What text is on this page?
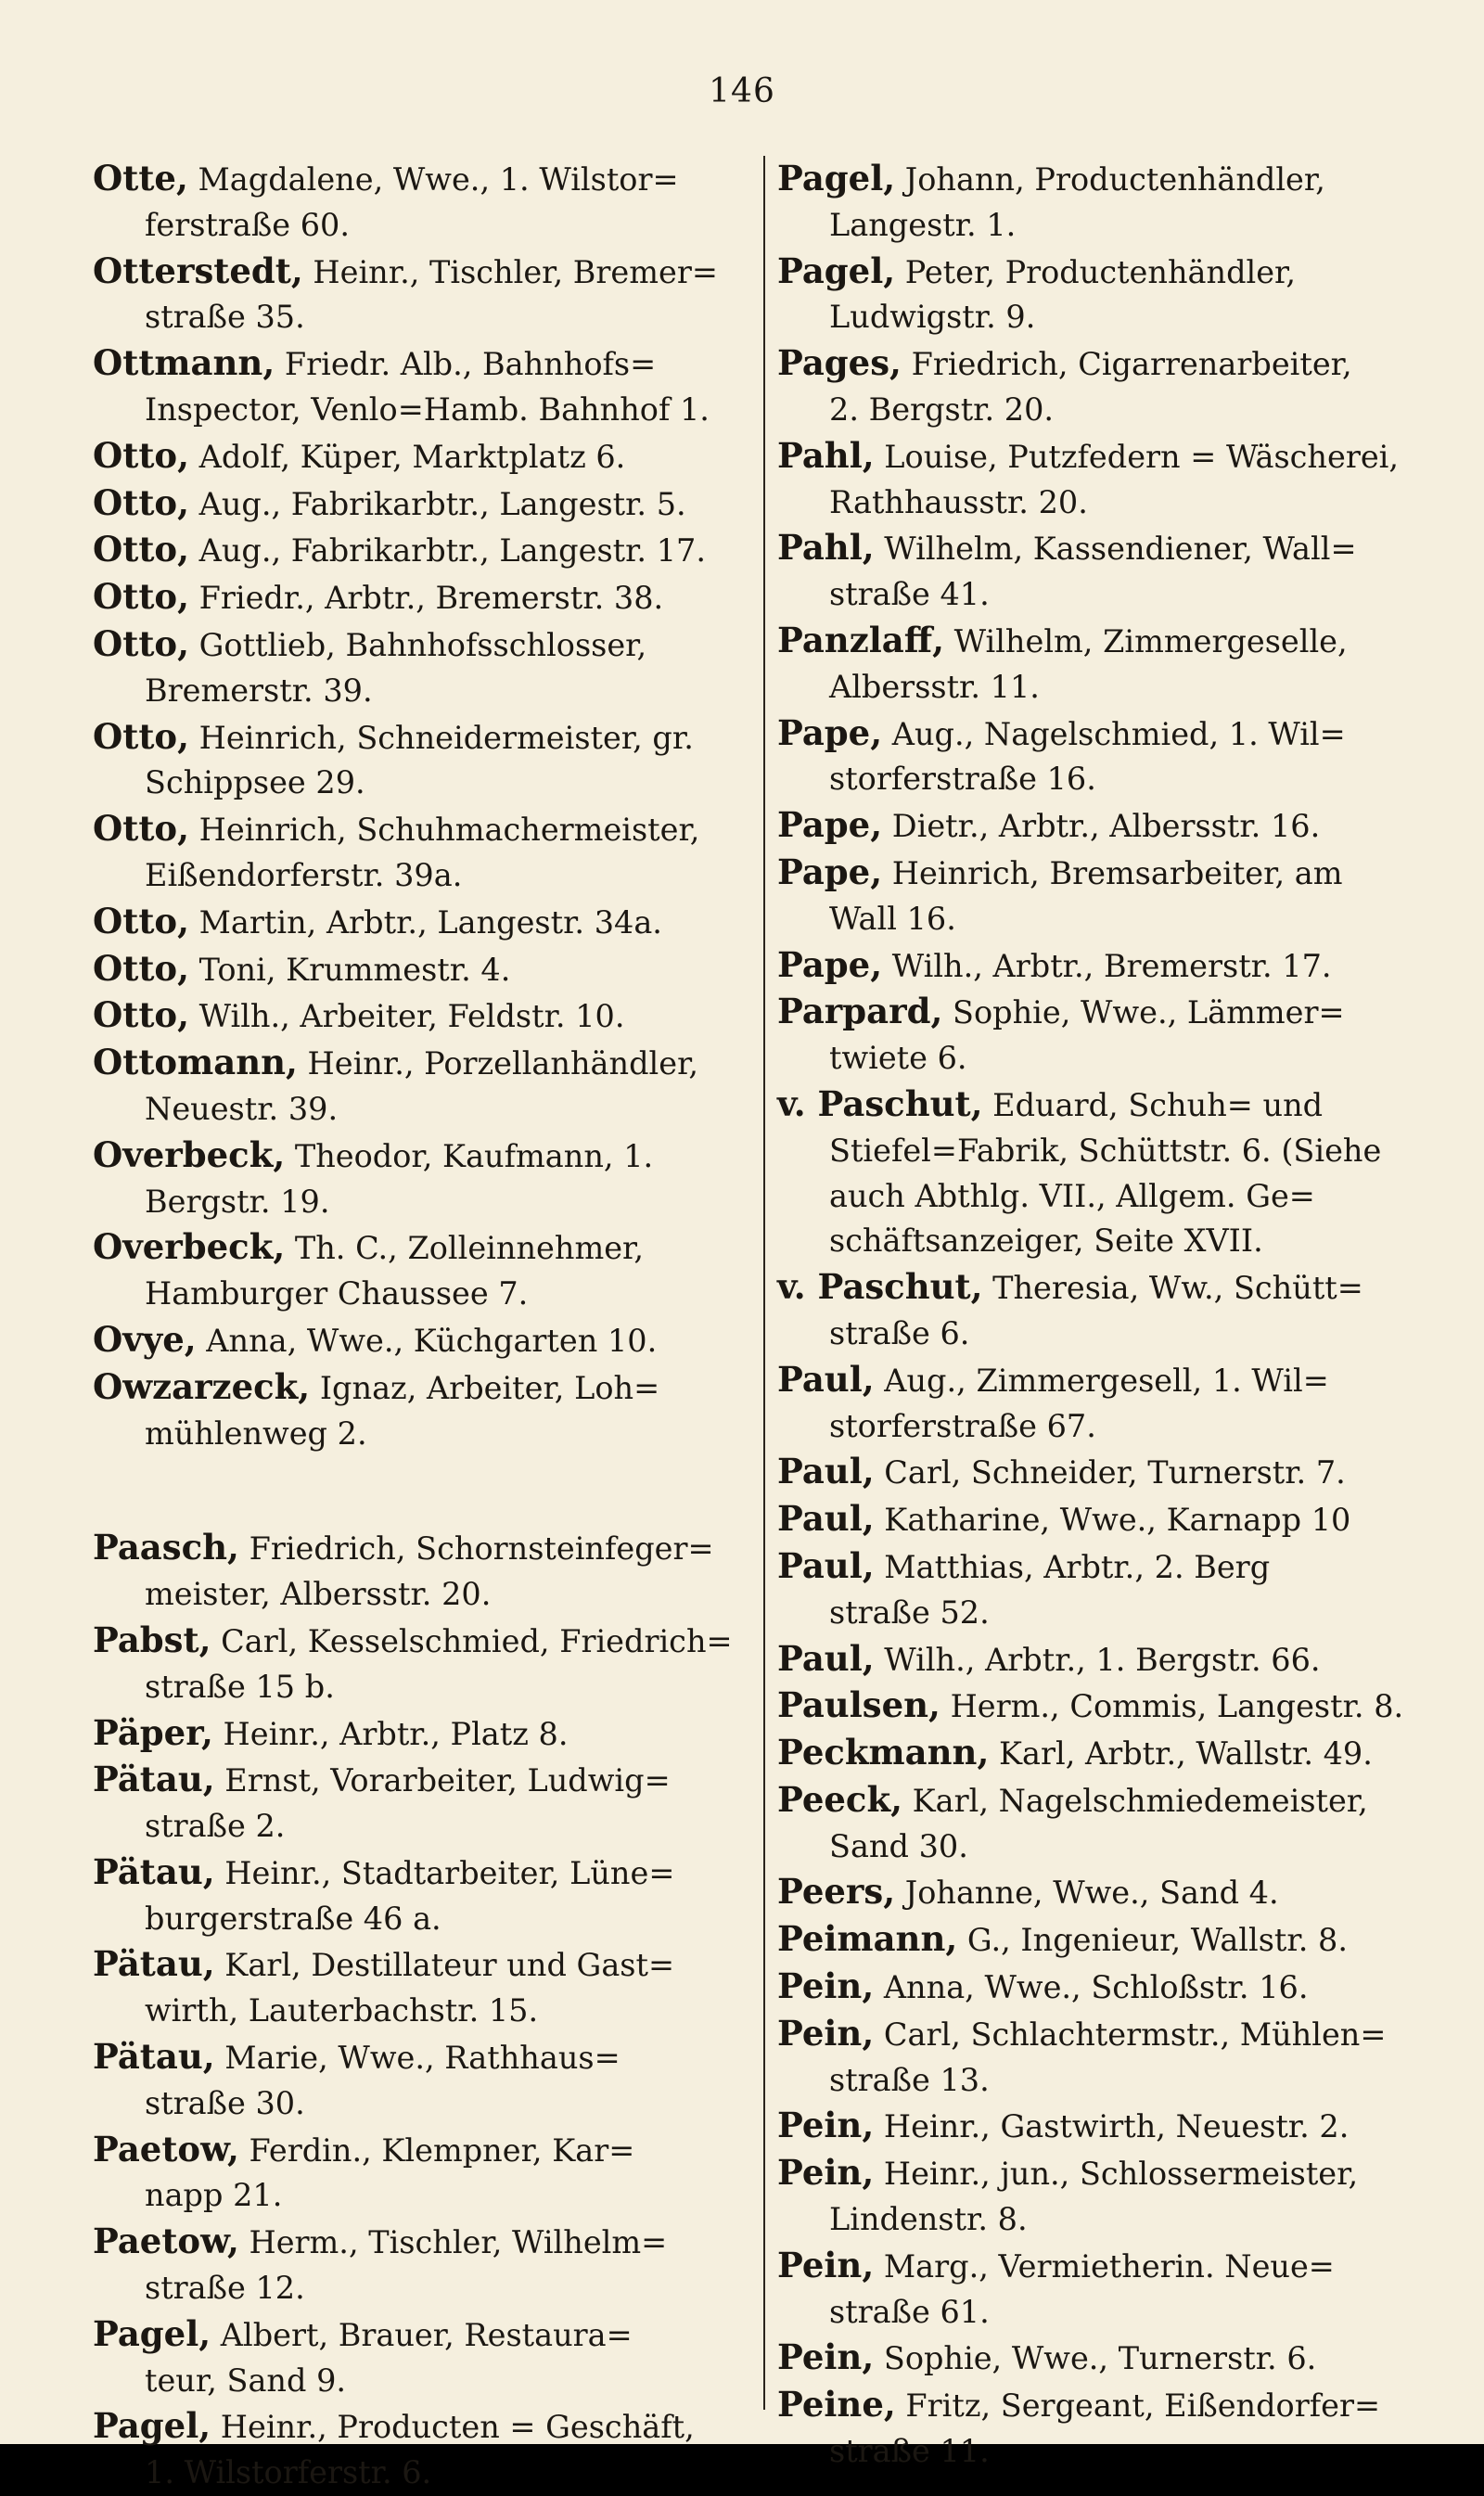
146
Otte, Magdalene, Wwe., 1. Wilstor=
ferstraße 60.
Otterstedt, Heinr., Tischler, Bremer=
straße 35.
Ottmann, Friedr. Alb., Bahnhofs=
Inspector, Venlo=Hamb. Bahnhof 1.
Otto, Adolf, Küper, Marktplatz 6.
Otto, Aug., Fabrikarbtr., Langestr. 5.
Otto, Aug., Fabrikarbtr., Langestr. 17.
Otto, Friedr., Arbtr., Bremerstr. 38.
Otto, Gottlieb, Bahnhofsschlosser,
Bremerstr. 39.
Otto, Heinrich, Schneidermeister, gr.
Schippsee 29.
Otto, Heinrich, Schuhmachermeister,
Eißendorferstr. 39a.
Otto, Martin, Arbtr., Langestr. 34a.
Otto, Toni, Krummestr. 4.
Otto, Wilh., Arbeiter, Feldstr. 10.
Ottomann, Heinr., Porzellanhändler,
Neuestr. 39.
Overbeck, Theodor, Kaufmann, 1.
Bergstr. 19.
Overbeck, Th. C., Zolleinnehmer,
Hamburger Chaussee 7.
Ovye, Anna, Wwe., Küchgarten 10.
Owzarzeck, Ignaz, Arbeiter, Loh=
mühlenweg 2.
Paasch, Friedrich, Schornsteinfeger=
meister, Albersstr. 20.
Pabst, Carl, Kesselschmied, Friedrich=
straße 15 b.
Päper, Heinr., Arbtr., Platz 8.
Pätau, Ernst, Vorarbeiter, Ludwig=
straße 2.
Pätau, Heinr., Stadtarbeiter, Lüne=
burgerstraße 46 a.
Pätau, Karl, Destillateur und Gast=
wirth, Lauterbachstr. 15.
Pätau, Marie, Wwe., Rathhaus=
straße 30.
Paetow, Ferdin., Klempner, Kar=
napp 21.
Paetow, Herm., Tischler, Wilhelm=
straße 12.
Pagel, Albert, Brauer, Restaura=
teur, Sand 9.
Pagel, Heinr., Producten = Geschäft,
1. Wilstorferstr. 6.
Pagel, Johann, Productenhändler,
Langestr. 1.
Pagel, Peter, Productenhändler,
Ludwigstr. 9.
Pages, Friedrich, Cigarrenarbeiter,
2. Bergstr. 20.
Pahl, Louise, Putzfedern = Wäscherei,
Rathhausstr. 20.
Pahl, Wilhelm, Kassendiener, Wall=
straße 41.
Panzlaff, Wilhelm, Zimmergeselle,
Albersstr. 11.
Pape, Aug., Nagelschmied, 1. Wil=
storferstraße 16.
Pape, Dietr., Arbtr., Albersstr. 16.
Pape, Heinrich, Bremsarbeiter, am
Wall 16.
Pape, Wilh., Arbtr., Bremerstr. 17.
Parpard, Sophie, Wwe., Lämmer=
twiete 6.
v. Paschut, Eduard, Schuh= und
Stiefel=Fabrik, Schüttstr. 6. (Siehe
auch Abthlg. VII., Allgem. Ge=
schäftsanzeiger, Seite XVII.
v. Paschut, Theresia, Ww., Schütt=
straße 6.
Paul, Aug., Zimmergesell, 1. Wil=
storferstraße 67.
Paul, Carl, Schneider, Turnerstr. 7.
Paul, Katharine, Wwe., Karnapp 10
Paul, Matthias, Arbtr., 2. Berg
straße 52.
Paul, Wilh., Arbtr., 1. Bergstr. 66.
Paulsen, Herm., Commis, Langestr. 8.
Peckmann, Karl, Arbtr., Wallstr. 49.
Peeck, Karl, Nagelschmiedemeister,
Sand 30.
Peers, Johanne, Wwe., Sand 4.
Peimann, G., Ingenieur, Wallstr. 8.
Pein, Anna, Wwe., Schloßstr. 16.
Pein, Carl, Schlachtermstr., Mühlen=
straße 13.
Pein, Heinr., Gastwirth, Neuestr. 2.
Pein, Heinr., jun., Schlossermeister,
Lindenstr. 8.
Pein, Marg., Vermietherin. Neue=
straße 61.
Pein, Sophie, Wwe., Turnerstr. 6.
Peine, Fritz, Sergeant, Eißendorfer=
straße 11.
